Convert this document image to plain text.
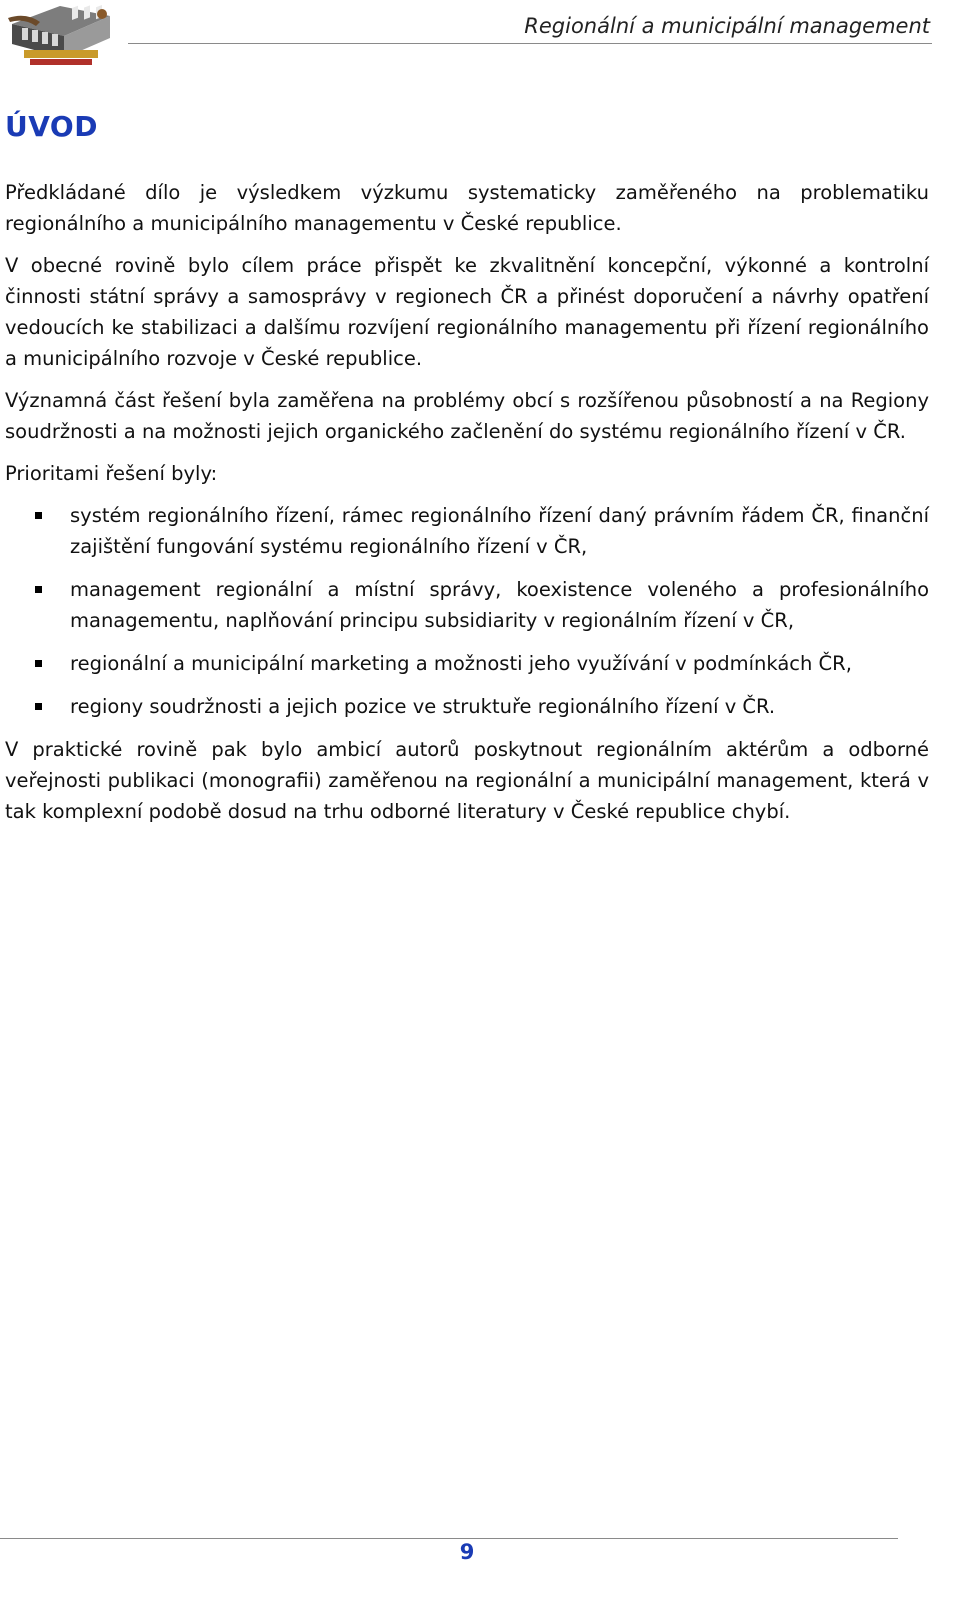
Regionální a municipální management
ÚVOD

Předkládané dílo je výsledkem výzkumu systematicky zaměřeného na problematiku regionálního a municipálního managementu v České republice.

V obecné rovině bylo cílem práce přispět ke zkvalitnění koncepční, výkonné a kontrolní činnosti státní správy a samosprávy v regionech ČR a přinést doporučení a návrhy opatření vedoucích ke stabilizaci a dalšímu rozvíjení regionálního managementu při řízení regionálního a municipálního rozvoje v České republice.

Významná část řešení byla zaměřena na problémy obcí s rozšířenou působností a na Regiony soudržnosti a na možnosti jejich organického začlenění do systému regionálního řízení v ČR.

Prioritami řešení byly:

systém regionálního řízení, rámec regionálního řízení daný právním řádem ČR, finanční zajištění fungování systému regionálního řízení v ČR,
management regionální a místní správy, koexistence voleného a profesionálního managementu, naplňování principu subsidiarity v regionálním řízení v ČR,
regionální a municipální marketing a možnosti jeho využívání v podmínkách ČR,
regiony soudržnosti a jejich pozice ve struktuře regionálního řízení v ČR.

V praktické rovině pak bylo ambicí autorů poskytnout regionálním aktérům a odborné veřejnosti publikaci (monografii) zaměřenou na regionální a municipální management, která v tak komplexní podobě dosud na trhu odborné literatury v České republice chybí.

9
